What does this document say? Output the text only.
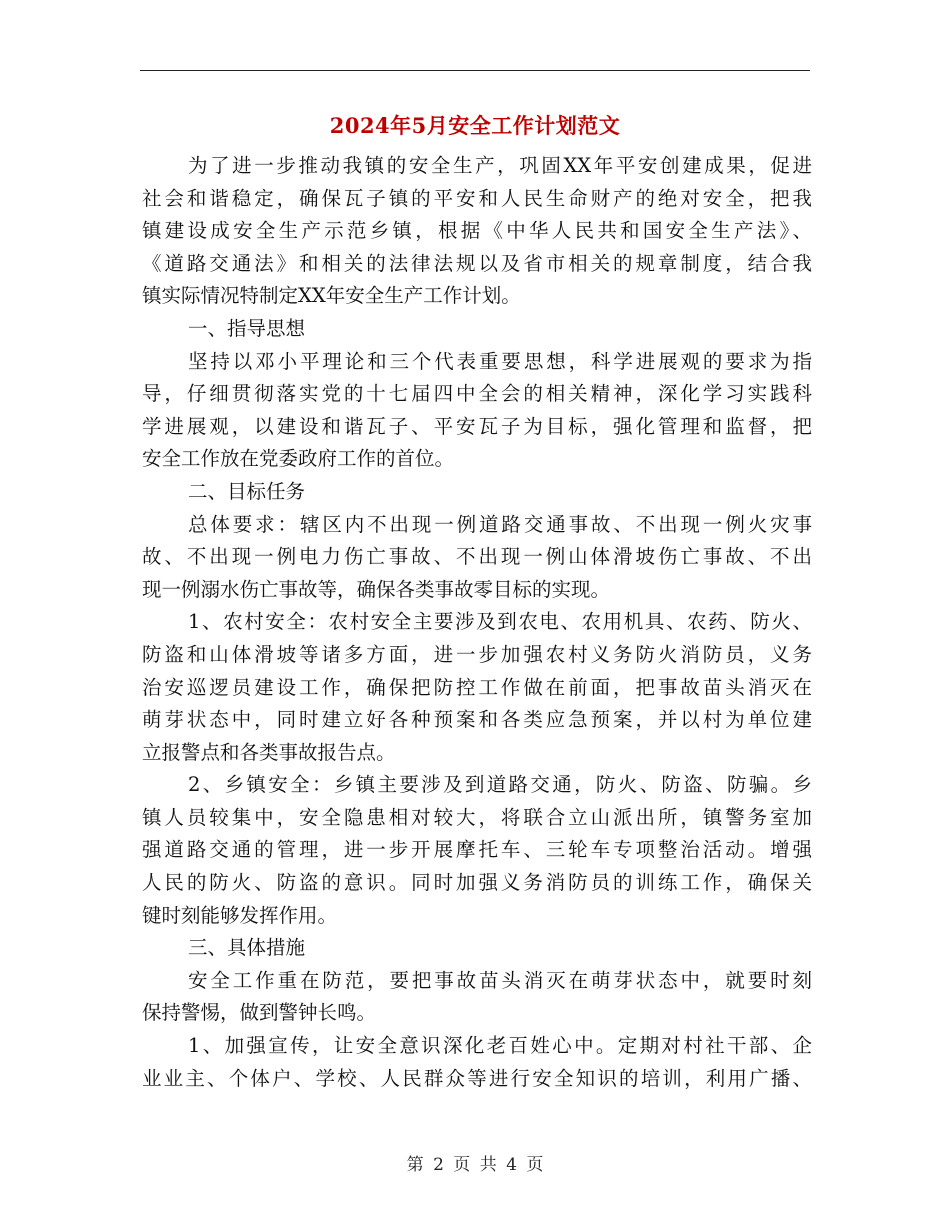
2024年5月安全工作计划范文
为了进一步推动我镇的安全生产，巩固XX年平安创建成果，促进
社会和谐稳定，确保瓦子镇的平安和人民生命财产的绝对安全，把我
镇建设成安全生产示范乡镇，根据《中华人民共和国安全生产法》、
《道路交通法》和相关的法律法规以及省市相关的规章制度，结合我
镇实际情况特制定XX年安全生产工作计划。
一、指导思想
坚持以邓小平理论和三个代表重要思想，科学进展观的要求为指
导，仔细贯彻落实党的十七届四中全会的相关精神，深化学习实践科
学进展观，以建设和谐瓦子、平安瓦子为目标，强化管理和监督，把
安全工作放在党委政府工作的首位。
二、目标任务
总体要求：辖区内不出现一例道路交通事故、不出现一例火灾事
故、不出现一例电力伤亡事故、不出现一例山体滑坡伤亡事故、不出
现一例溺水伤亡事故等，确保各类事故零目标的实现。
1、农村安全：农村安全主要涉及到农电、农用机具、农药、防火、
防盗和山体滑坡等诸多方面，进一步加强农村义务防火消防员，义务
治安巡逻员建设工作，确保把防控工作做在前面，把事故苗头消灭在
萌芽状态中，同时建立好各种预案和各类应急预案，并以村为单位建
立报警点和各类事故报告点。
2、乡镇安全：乡镇主要涉及到道路交通，防火、防盗、防骗。乡
镇人员较集中，安全隐患相对较大，将联合立山派出所，镇警务室加
强道路交通的管理，进一步开展摩托车、三轮车专项整治活动。增强
人民的防火、防盗的意识。同时加强义务消防员的训练工作，确保关
键时刻能够发挥作用。
三、具体措施
安全工作重在防范，要把事故苗头消灭在萌芽状态中，就要时刻
保持警惕，做到警钟长鸣。
1、加强宣传，让安全意识深化老百姓心中。定期对村社干部、企
业业主、个体户、学校、人民群众等进行安全知识的培训，利用广播、
第 2 页 共 4 页
